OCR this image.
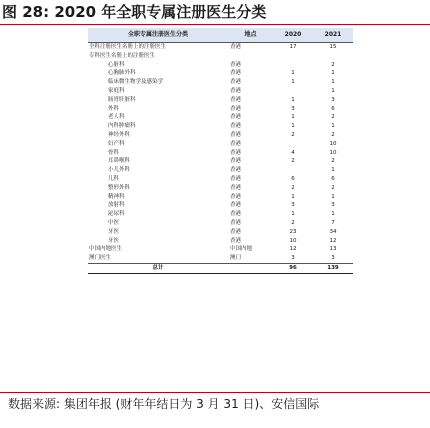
图 28: 2020 年全职专属注册医生分类
全职专属注册医生分类	地点	2020	2021
全科注册医生名册上的注册医生	香港	17	15
专科医生名册上的注册医生			
心脏科	香港		2
心胸肺外科	香港	1	1
临床微生物学及感染学	香港	1	1
家庭科	香港		1
肠胃肝脏科	香港	1	3
外科	香港	3	6
老人科	香港	1	2
内科肿瘤科	香港	1	1
神经外科	香港	2	2
妇产科	香港		10
骨科	香港	4	10
耳鼻喉科	香港	2	2
小儿外科	香港		1
儿科	香港	6	6
整形外科	香港	2	2
精神科	香港	1	1
放射科	香港	3	3
泌尿科	香港	1	1
中医	香港	2	7
牙医	香港	23	34
牙医	香港	10	12
中国内地医生	中国内地	12	13
澳门医生	澳门	3	3
总计		96	139
数据来源: 集团年报 (财年年结日为 3 月 31 日)、安信国际
